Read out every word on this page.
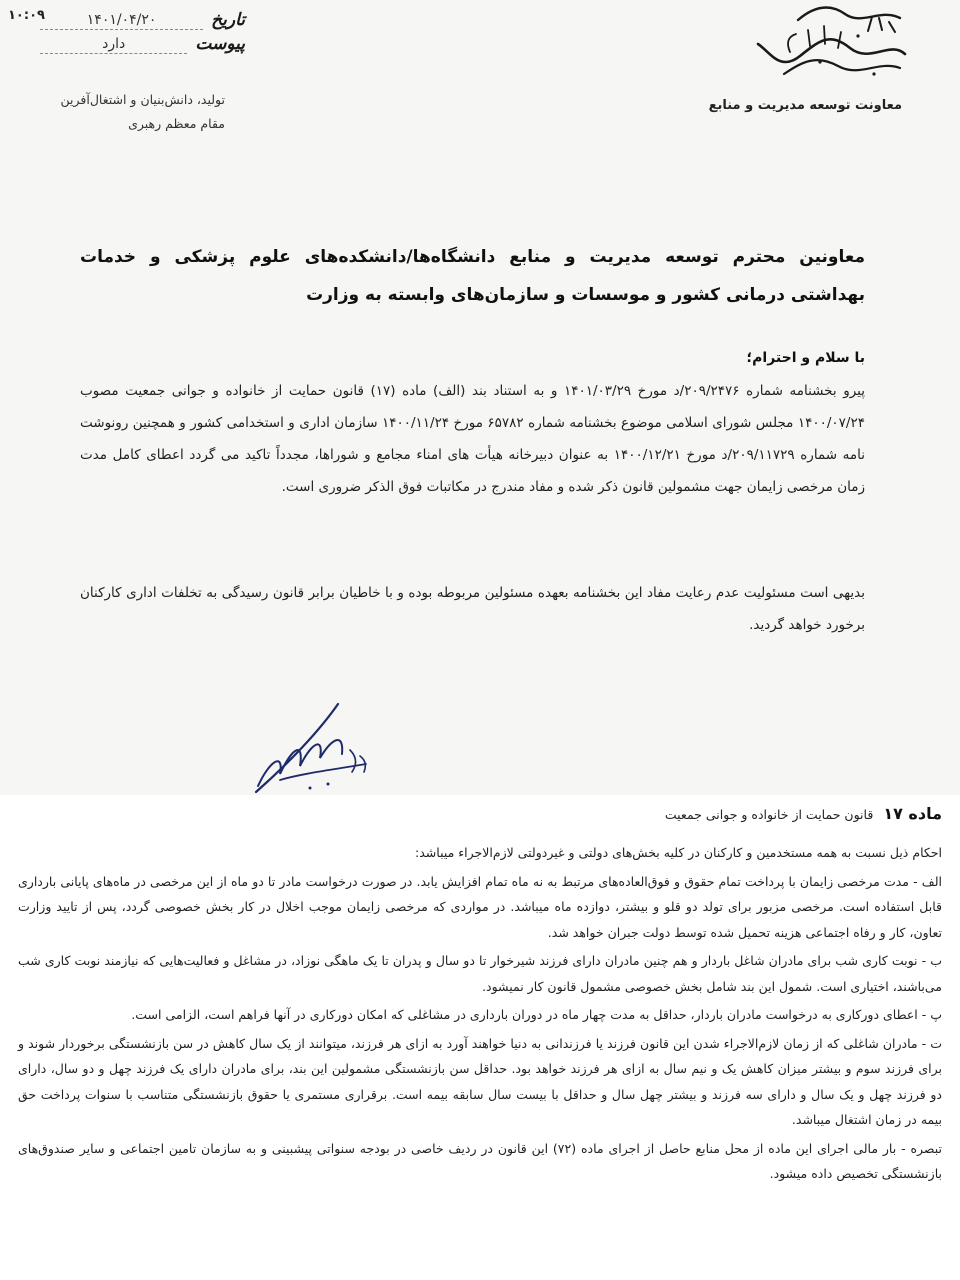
۱۰:۰۹	تاریخ
۱۴۰۱/۰۴/۲۰
پیوست
دارد
تولید، دانش‌بنیان و اشتغال‌آفرین
مقام معظم رهبری
معاونت توسعه مدیریت و منابع
معاونین محترم توسعه مدیریت و منابع دانشگاه‌ها/دانشکده‌های علوم پزشکی و خدمات بهداشتی درمانی کشور و موسسات و سازمان‌های وابسته به وزارت
با سلام و احترام؛
پیرو بخشنامه شماره ۲۰۹/۲۴۷۶/د مورخ ۱۴۰۱/۰۳/۲۹ و به استناد بند (الف) ماده (۱۷) قانون حمایت از خانواده و جوانی جمعیت مصوب ۱۴۰۰/۰۷/۲۴ مجلس شورای اسلامی موضوع بخشنامه شماره ۶۵۷۸۲ مورخ ۱۴۰۰/۱۱/۲۴ سازمان اداری و استخدامی کشور و همچنین رونوشت نامه شماره ۲۰۹/۱۱۷۲۹/د مورخ ۱۴۰۰/۱۲/۲۱ به عنوان دبیرخانه هیأت های امناء مجامع و شوراها، مجدداً تاکید می گردد اعطای کامل مدت زمان مرخصی زایمان جهت مشمولین قانون ذکر شده و مفاد مندرج در مکاتبات فوق الذکر ضروری است.
بدیهی است مسئولیت عدم رعایت مفاد این بخشنامه بعهده مسئولین مربوطه بوده و با خاطیان برابر قانون رسیدگی به تخلفات اداری کارکنان برخورد خواهد گردید.
ماده ۱۷
قانون حمایت از خانواده و جوانی جمعیت

احکام ذیل نسبت به همه مستخدمین و کارکنان در کلیه بخش‌های دولتی و غیردولتی لازم‌الاجراء میباشد:

الف - مدت مرخصی زایمان با پرداخت تمام حقوق و فوق‌العاده‌های مرتبط به نه ماه تمام افزایش یابد. در صورت درخواست مادر تا دو ماه از این مرخصی در ماه‌های پایانی بارداری قابل استفاده است. مرخصی مزبور برای تولد دو قلو و بیشتر، دوازده ماه میباشد. در مواردی که مرخصی زایمان موجب اخلال در کار بخش خصوصی گردد، پس از تایید وزارت تعاون، کار و رفاه اجتماعی هزینه تحمیل شده توسط دولت جبران خواهد شد.

ب - نوبت کاری شب برای مادران شاغل باردار و هم چنین مادران دارای فرزند شیرخوار تا دو سال و پدران تا یک ماهگی نوزاد، در مشاغل و فعالیت‌هایی که نیازمند نوبت کاری شب می‌باشند، اختیاری است. شمول این بند شامل بخش خصوصی مشمول قانون کار نمیشود.

پ - اعطای دورکاری به درخواست مادران باردار، حداقل به مدت چهار ماه در دوران بارداری در مشاغلی که امکان دورکاری در آنها فراهم است، الزامی است.

ت - مادران شاغلی که از زمان لازم‌الاجراء شدن این قانون فرزند یا فرزندانی به دنیا خواهند آورد به ازای هر فرزند، میتوانند از یک سال کاهش در سن بازنشستگی برخوردار شوند و برای فرزند سوم و بیشتر میزان کاهش یک و نیم سال به ازای هر فرزند خواهد بود. حداقل سن بازنشستگی مشمولین این بند، برای مادران دارای یک فرزند چهل و دو سال، دارای دو فرزند چهل و یک سال و دارای سه فرزند و بیشتر چهل سال و حداقل با بیست سال سابقه بیمه است. برقراری مستمری یا حقوق بازنشستگی متناسب با سنوات پرداخت حق بیمه در زمان اشتغال میباشد.

تبصره - بار مالی اجرای این ماده از محل منابع حاصل از اجرای ماده (۷۲) این قانون در ردیف خاصی در بودجه سنواتی پیشبینی و به سازمان تامین اجتماعی و سایر صندوق‌های بازنشستگی تخصیص داده میشود.
